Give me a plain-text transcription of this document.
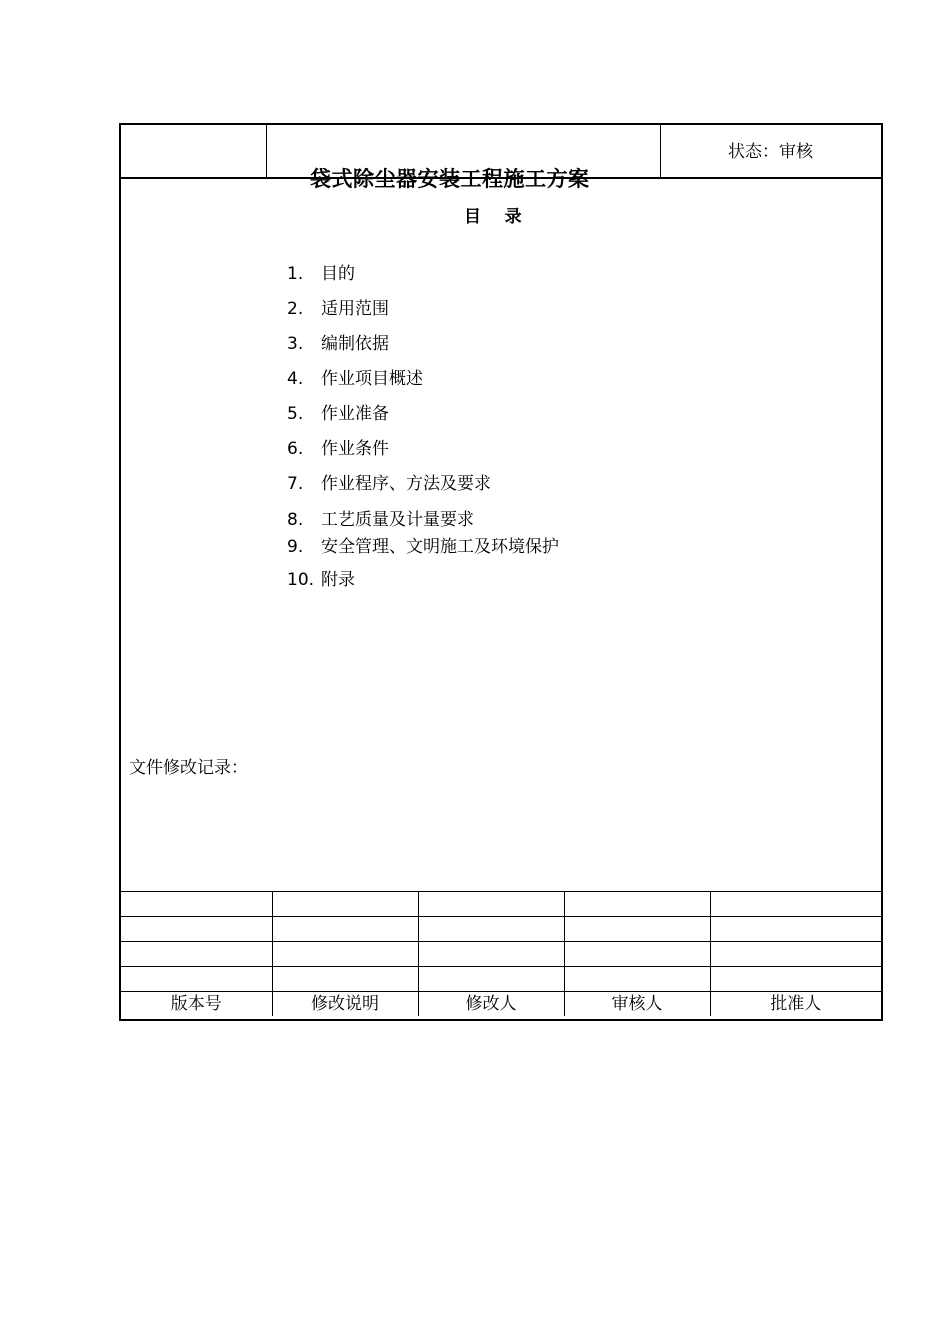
状态：审核
袋式除尘器安装工程施工方案
目    录
1. 目的
2. 适用范围
3. 编制依据
4. 作业项目概述
5. 作业准备
6. 作业条件
7. 作业程序、方法及要求
8. 工艺质量及计量要求
9. 安全管理、文明施工及环境保护
10. 附录
文件修改记录：

版本号	修改说明	修改人	审核人	批准人
